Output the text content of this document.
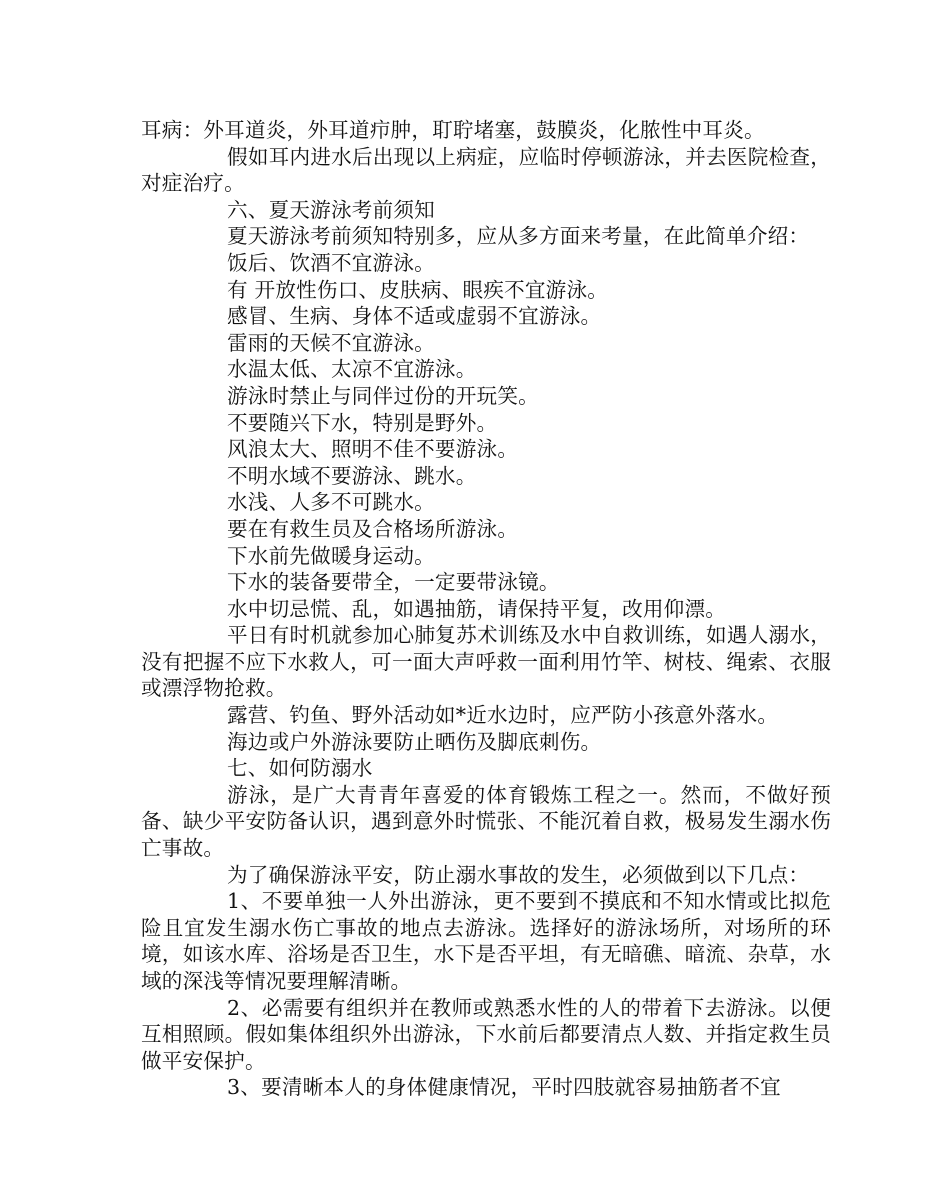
耳病：外耳道炎，外耳道疖肿，耵聍堵塞，鼓膜炎，化脓性中耳炎。

假如耳内进水后出现以上病症，应临时停顿游泳，并去医院检查，对症治疗。

六、夏天游泳考前须知

夏天游泳考前须知特别多，应从多方面来考量，在此简单介绍：

饭后、饮酒不宜游泳。

有 开放性伤口、皮肤病、眼疾不宜游泳。

感冒、生病、身体不适或虚弱不宜游泳。

雷雨的天候不宜游泳。

水温太低、太凉不宜游泳。

游泳时禁止与同伴过份的开玩笑。

不要随兴下水，特别是野外。

风浪太大、照明不佳不要游泳。

不明水域不要游泳、跳水。

水浅、人多不可跳水。

要在有救生员及合格场所游泳。

下水前先做暖身运动。

下水的装备要带全，一定要带泳镜。

水中切忌慌、乱，如遇抽筋，请保持平复，改用仰漂。

平日有时机就参加心肺复苏术训练及水中自救训练，如遇人溺水，没有把握不应下水救人，可一面大声呼救一面利用竹竿、树枝、绳索、衣服或漂浮物抢救。

露营、钓鱼、野外活动如*近水边时，应严防小孩意外落水。

海边或户外游泳要防止晒伤及脚底刺伤。

七、如何防溺水

游泳，是广大青青年喜爱的体育锻炼工程之一。然而，不做好预备、缺少平安防备认识，遇到意外时慌张、不能沉着自救，极易发生溺水伤亡事故。

为了确保游泳平安，防止溺水事故的发生，必须做到以下几点：

1、不要单独一人外出游泳，更不要到不摸底和不知水情或比拟危险且宜发生溺水伤亡事故的地点去游泳。选择好的游泳场所，对场所的环境，如该水库、浴场是否卫生，水下是否平坦，有无暗礁、暗流、杂草，水域的深浅等情况要理解清晰。

2、必需要有组织并在教师或熟悉水性的人的带着下去游泳。以便互相照顾。假如集体组织外出游泳，下水前后都要清点人数、并指定救生员做平安保护。

3、要清晰本人的身体健康情况，平时四肢就容易抽筋者不宜
